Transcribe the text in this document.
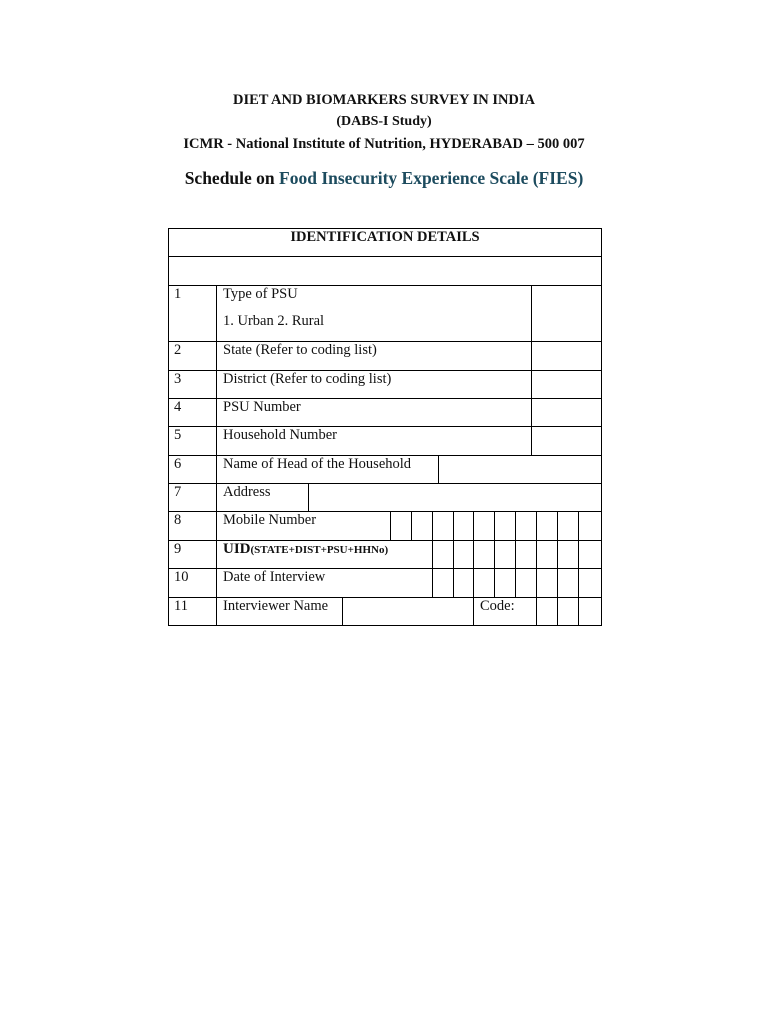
DIET AND BIOMARKERS SURVEY IN INDIA
(DABS-I Study)
ICMR - National Institute of Nutrition, HYDERABAD – 500 007
Schedule on Food Insecurity Experience Scale (FIES)
IDENTIFICATION DETAILS
1	Type of PSU
1. Urban 2. Rural
2	State (Refer to coding list)
3	District (Refer to coding list)
4	PSU Number
5	Household Number
6	Name of Head of the Household
7	Address
8	Mobile Number
9	UID(STATE+DIST+PSU+HHNo)
10 Date of Interview
11 Interviewer Name	Code:
